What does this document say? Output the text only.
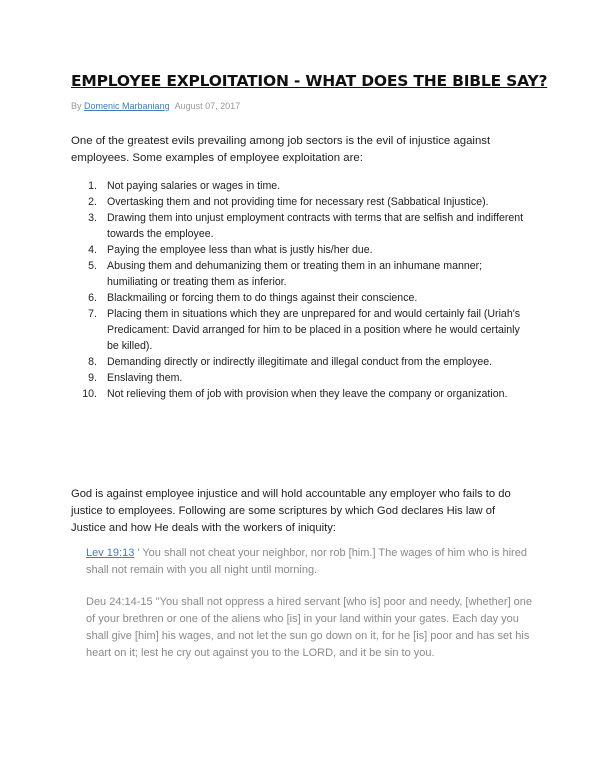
EMPLOYEE EXPLOITATION - WHAT DOES THE BIBLE SAY?
By Domenic Marbaniang August 07, 2017

One of the greatest evils prevailing among job sectors is the evil of injustice against employees. Some examples of employee exploitation are:

1. Not paying salaries or wages in time.
2. Overtasking them and not providing time for necessary rest (Sabbatical Injustice).
3. Drawing them into unjust employment contracts with terms that are selfish and indifferent towards the employee.
4. Paying the employee less than what is justly his/her due.
5. Abusing them and dehumanizing them or treating them in an inhumane manner; humiliating or treating them as inferior.
6. Blackmailing or forcing them to do things against their conscience.
7. Placing them in situations which they are unprepared for and would certainly fail (Uriah's Predicament: David arranged for him to be placed in a position where he would certainly be killed).
8. Demanding directly or indirectly illegitimate and illegal conduct from the employee.
9. Enslaving them.
10. Not relieving them of job with provision when they leave the company or organization.

God is against employee injustice and will hold accountable any employer who fails to do justice to employees. Following are some scriptures by which God declares His law of Justice and how He deals with the workers of iniquity:

Lev 19:13 ' You shall not cheat your neighbor, nor rob [him.] The wages of him who is hired shall not remain with you all night until morning.

Deu 24:14-15 "You shall not oppress a hired servant [who is] poor and needy, [whether] one of your brethren or one of the aliens who [is] in your land within your gates. Each day you shall give [him] his wages, and not let the sun go down on it, for he [is] poor and has set his heart on it; lest he cry out against you to the LORD, and it be sin to you.
